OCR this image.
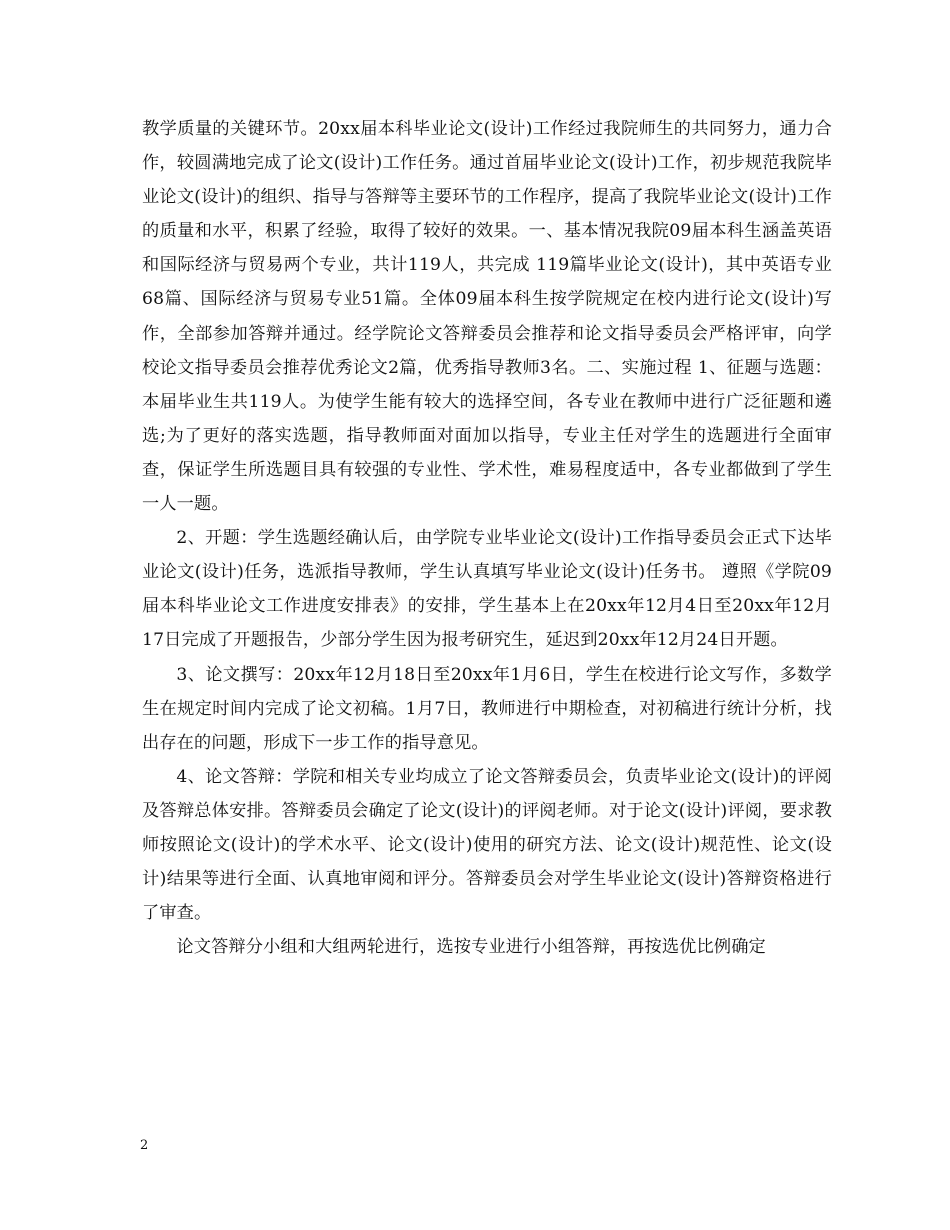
教学质量的关键环节。20xx届本科毕业论文(设计)工作经过我院师生的共同努力，通力合作，较圆满地完成了论文(设计)工作任务。通过首届毕业论文(设计)工作，初步规范我院毕业论文(设计)的组织、指导与答辩等主要环节的工作程序，提高了我院毕业论文(设计)工作的质量和水平，积累了经验，取得了较好的效果。一、基本情况我院09届本科生涵盖英语和国际经济与贸易两个专业，共计119人，共完成 119篇毕业论文(设计)，其中英语专业68篇、国际经济与贸易专业51篇。全体09届本科生按学院规定在校内进行论文(设计)写作，全部参加答辩并通过。经学院论文答辩委员会推荐和论文指导委员会严格评审，向学校论文指导委员会推荐优秀论文2篇，优秀指导教师3名。二、实施过程 1、征题与选题：本届毕业生共119人。为使学生能有较大的选择空间，各专业在教师中进行广泛征题和遴选;为了更好的落实选题，指导教师面对面加以指导，专业主任对学生的选题进行全面审查，保证学生所选题目具有较强的专业性、学术性，难易程度适中，各专业都做到了学生一人一题。

2、开题：学生选题经确认后，由学院专业毕业论文(设计)工作指导委员会正式下达毕业论文(设计)任务，选派指导教师，学生认真填写毕业论文(设计)任务书。 遵照《学院09届本科毕业论文工作进度安排表》的安排，学生基本上在20xx年12月4日至20xx年12月17日完成了开题报告，少部分学生因为报考研究生，延迟到20xx年12月24日开题。

3、论文撰写：20xx年12月18日至20xx年1月6日，学生在校进行论文写作，多数学生在规定时间内完成了论文初稿。1月7日，教师进行中期检查，对初稿进行统计分析，找出存在的问题，形成下一步工作的指导意见。

4、论文答辩：学院和相关专业均成立了论文答辩委员会，负责毕业论文(设计)的评阅及答辩总体安排。答辩委员会确定了论文(设计)的评阅老师。对于论文(设计)评阅，要求教师按照论文(设计)的学术水平、论文(设计)使用的研究方法、论文(设计)规范性、论文(设计)结果等进行全面、认真地审阅和评分。答辩委员会对学生毕业论文(设计)答辩资格进行了审查。

论文答辩分小组和大组两轮进行，选按专业进行小组答辩，再按选优比例确定

2
